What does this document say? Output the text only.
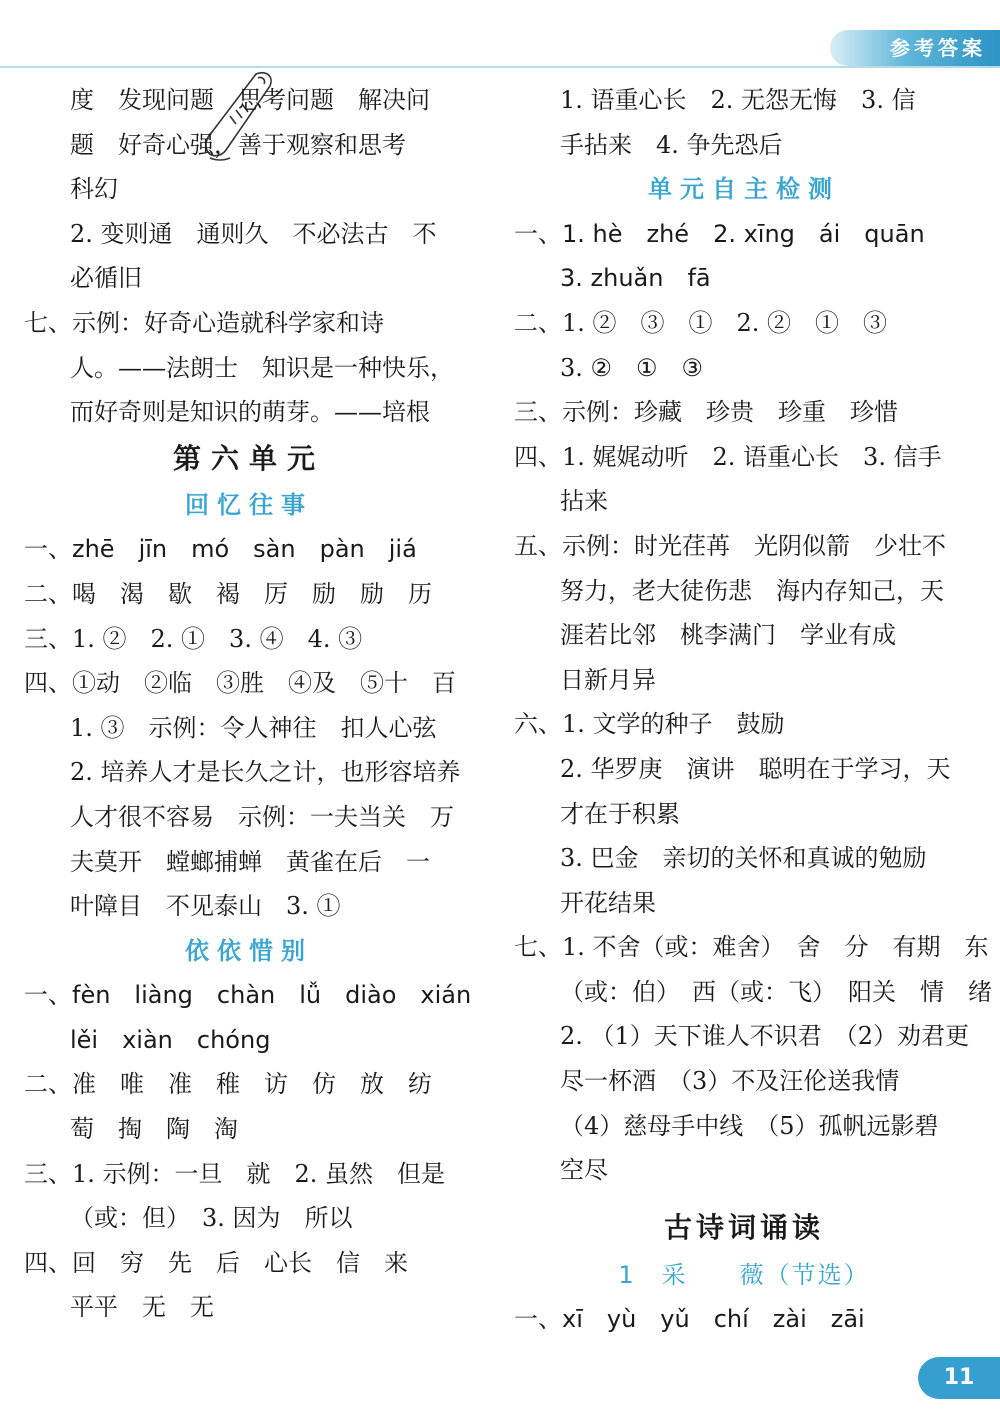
参考答案
度　发现问题　思考问题　解决问
题　好奇心强，善于观察和思考
科幻
2. 变则通　通则久　不必法古　不
必循旧
七、示例：好奇心造就科学家和诗
人。——法朗士　知识是一种快乐，
而好奇则是知识的萌芽。——培根
第六单元
回忆往事
一、zhē　jīn　mó　sàn　pàn　jiá
二、喝　渴　歇　褐　厉　励　励　历
三、1. ②　2. ①　3. ④　4. ③
四、①动　②临　③胜　④及　⑤十　百
1. ③　示例：令人神往　扣人心弦
2. 培养人才是长久之计，也形容培养
人才很不容易　示例：一夫当关　万
夫莫开　螳螂捕蝉　黄雀在后　一
叶障目　不见泰山　3. ①
依依惜别
一、fèn　liàng　chàn　lǚ　diào　xián
lěi　xiàn　chóng
二、准　唯　准　稚　访　仿　放　纺
萄　掏　陶　淘
三、1. 示例：一旦　就　2. 虽然　但是
（或：但）　3. 因为　所以
四、回　穷　先　后　心长　信　来
平平　无　无
1. 语重心长　2. 无怨无悔　3. 信
手拈来　4. 争先恐后
单元自主检测
一、1. hè　zhé　2. xīng　ái　quān
3. zhuǎn　fā
二、1. ②　③　①　2. ②　①　③
3. ②　①　③
三、示例：珍藏　珍贵　珍重　珍惜
四、1. 娓娓动听　2. 语重心长　3. 信手
拈来
五、示例：时光荏苒　光阴似箭　少壮不
努力，老大徒伤悲　海内存知己，天
涯若比邻　桃李满门　学业有成
日新月异
六、1. 文学的种子　鼓励
2. 华罗庚　演讲　聪明在于学习，天
才在于积累
3. 巴金　亲切的关怀和真诚的勉励
开花结果
七、1. 不舍（或：难舍）　舍　分　有期　东
（或：伯）　西（或：飞）　阳关　情　绪
2. （1）天下谁人不识君　（2）劝君更
尽一杯酒　（3）不及汪伦送我情
（4）慈母手中线　（5）孤帆远影碧
空尽
古诗词诵读
1　采　　薇（节选）
一、xī　yù　yǔ　chí　zài　zāi
11
